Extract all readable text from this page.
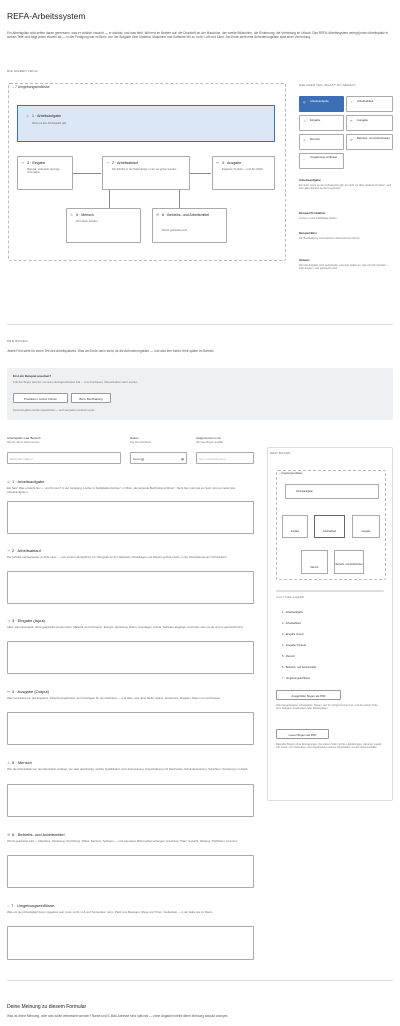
REFA-Arbeitssystem
Ein Arbeitsplatz wird selten daran gemessen, was er wirklich braucht — er wächst, und was fehlt, fällt erst im Betrieb auf: die Druckluft an der Maschine, der zweite Bildschirm, die Einlernung, die Vertretung im Urlaub. Das REFA-Arbeitssystem zerlegt jeden Arbeitsplatz in sieben Teile und fragt jeden einzeln ab — in der Fertigung wie im Büro: von der Aufgabe über Material, Maschine und Software bis zu Licht, Luft und Lärm. Am Ende steht eine Anforderungsliste statt einer Vermutung.
DIE SIEBEN TEILE
⌂ 7 Umgebungseinflüsse
◎ 1 · Arbeitsaufgabe
Wozu es den Arbeitsplatz gibt
⇥ 3 · Eingabe
Material, Vorlesach, Energie, Information
↗ 2 · Arbeitsablauf
Die Schritte in der Reihenfolge, in der sie gehen werden
↦ 4 · Ausgabe
Ergebnis, Produkt — und der Abfall
♙ 5 · Mensch
Wer daran arbeitet
⚒ 6 · Betriebs- und Arbeitsmittel
Womit gearbeitet wird
WELCHER TEIL WILLST DU SEHEN?
◎ Arbeitsaufgabe	↗ Arbeitsablauf
⇥ Eingabe	↦ Ausgabe
♙ Mensch	⚒
Betriebs- und Arbeitsmittel
⌂
Umgebungs-einflüsse
Arbeitsaufgabe
Ein Satz: wozu es den Arbeitsplatz gibt. Er steht vor allen anderen Punkten, weil sich alles Weitere an ihm begründet.
Beispiel Produktion
Löcher in eine Stahlplatte bohren.
Beispiel Büro
Die Buchhaltung eines kleinen Unternehmens führen.
Hinweis
Wer die Aufgabe nicht aufschreibt, sammelt später an, was ohnehin bestellt — statt dessen, was gebraucht wird.
DER BOGEN
Jedes Feld steht für einen Teil des Arbeitsplatzes. Was am Ende darin steht, ist die Anforderungsliste — und was leer bleibt, fehlt später im Betrieb.
Erst ein Beispiel ansehen?
Füllt den Bogen darunter mit einem durchgerechneten Fall — zum Anschauen, Überschreiben oder Löschen.
Produktion: Löcher bohren	Büro: Buchhaltung
Deine Eingaben werden gespeichert — auch auf jedem anderen Gerät.
Arbeitsplatz oder Bereich
Wie ihn alle in Haus nennen
Bohrplatz Halle 2
Datum
Tag der Aufnahme
tt.mm.jjjj	▦
Aufgenommen von
Wer den Bogen ausfüllt
Vor- und Nachname
◎ 1 · Arbeitsaufgabe
Ein Satz: Was entsteht hier — und für wen? In der Fertigung „Löcher in Stahlplatten bohren", im Büro „die laufende Buchhaltung führen". Steht hier mehr als ein Satz, sind es meist zwei Arbeitsaufgaben.
↗ 2 · Arbeitsablauf
Die Schritte nacheinander, je Zeile einer — vom ersten Handgriff bis zur Übergabe an den Nächsten. Rückfragen und Warten gehören dazu, in der Werkstatt wie am Schreibtisch.
⇥ 3 · Eingabe (Input)
Alles, was hineingeht, damit gearbeitet werden kann: Material und Vorbrauch, Energie, Werkzeug, Daten, Unterlagen, Anrufe. Software-Zugänge: Auch das, was nur ab und zu gebraucht wird.
↦ 4 · Ausgabe (Output)
Was herauskommt: das Ergebnis, Zwischenergebnisse und Unterlagen für den Nächsten — und alles, was übrig bleibt: Späne, Ausschuss, Altpapier, Daten zum Archivieren.
♙ 5 · Mensch
Wer die Arbeitsplatz von den Menschen verlangt, wie viele gleichzeitig, welche Qualifikation und Unterweisung, Körperhaltung und Reichweite, Schutzausrüstung, Schichten, Vertretung im Urlaub.
⚒ 6 · Betriebs- und Arbeitsmittel
Womit gearbeitet wird — Maschine, Werkzeug, Vorrichtung, Möbel, Rechner, Software — und was diese Mittel selbst verlangen: Anschluss, Platz, Gewicht, Wartung, Prüffristen, Lizenzen.
⌂ 7 · Umgebungseinflüsse
Was um den Arbeitsplatz herum gegeben sein muss: Licht, Luft und Temperatur, Lärm, Platz zum Bewegen, Wege und Türen, Sauberkeit — in der Halle wie im Raum.
DEIN BOGEN
⌂ Umgebungseinflüsse
Arbeitsaufgabe
Eingabe	Arbeitsablauf	Ausgabe
Mensch
Betriebs- und Arbeitsmittel
0 von 7 Teilen ausgefüllt
1 · Arbeitsaufgabe
2 · Arbeitsablauf
3 · Eingabe (Input)
4 · Ausgabe (Output)
5 · Mensch
6 · Betriebs- und Arbeitsmittel
7 · Umgebungseinflüsse
Ausgefüllter Bogen als PDF
Alles Eingetragene: Arbeitsplatz, Datum, wer ihn aufgenommen hat, und die sieben Teile. Zum Ablegen, Ausdrucken oder Weitergeben.
Leerer Bogen als PDF
Derselbe Bogen ohne Eintragungen: die sieben Teile mit ihren Erklärungen, darunter jeweils vier Linien zum Schreiben. Zum Ausdrucken und am Arbeitsplatz mit der Hand ausfüllen.
Deine Meinung zu diesem Formular
Was ist deine Meinung, oder was sollte verbessert werden? Name und E-Mail-Adresse sind optional — ohne Angaben bleibt deine Meinung absolut anonym.
